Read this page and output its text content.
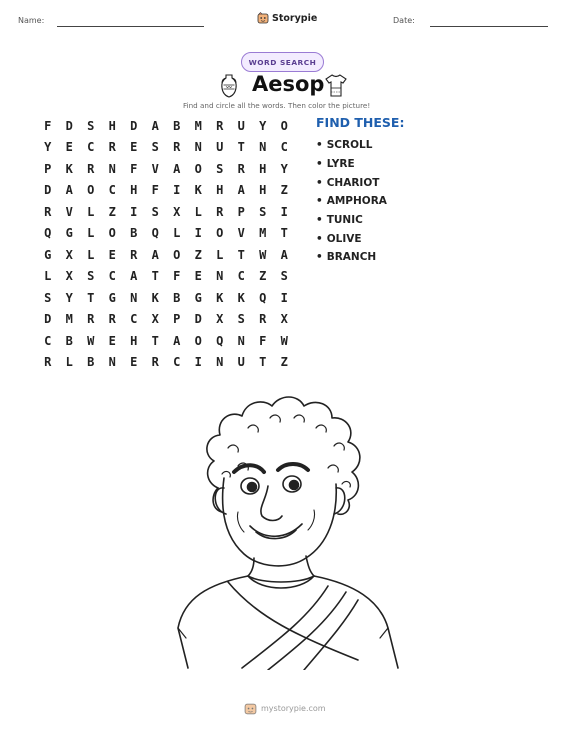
Name:	Storypie	Date:
WORD SEARCH
Aesop
Find and circle all the words. Then color the picture!
F	D	S	H	D	A	B	M	R	U	Y	O
Y	E	C	R	E	S	R	N	U	T	N	C
P	K	R	N	F	V	A	O	S	R	H	Y
D	A	O	C	H	F	I	K	H	A	H	Z
R	V	L	Z	I	S	X	L	R	P	S	I
Q	G	L	O	B	Q	L	I	O	V	M	T
G	X	L	E	R	A	O	Z	L	T	W	A
L	X	S	C	A	T	F	E	N	C	Z	S
S	Y	T	G	N	K	B	G	K	K	Q	I
D	M	R	R	C	X	P	D	X	S	R	X
C	B	W	E	H	T	A	O	Q	N	F	W
R	L	B	N	E	R	C	I	N	U	T	Z
FIND THESE:
• SCROLL
• LYRE
• CHARIOT
• AMPHORA
• TUNIC
• OLIVE
• BRANCH
mystorypie.com
